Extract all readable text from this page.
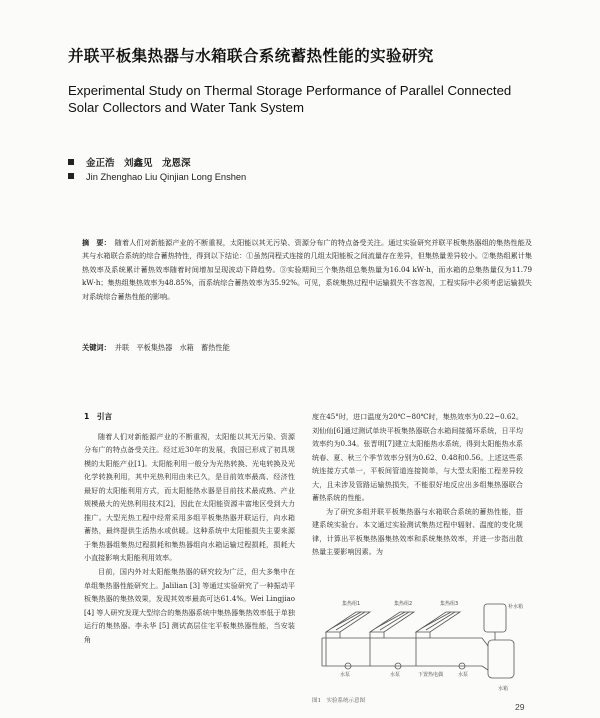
并联平板集热器与水箱联合系统蓄热性能的实验研究
Experimental Study on Thermal Storage Performance of Parallel Connected Solar Collectors and Water Tank System
金正浩　刘鑫见　龙恩深
Jin Zhenghao Liu Qinjian Long Enshen
摘　要： 随着人们对新能源产业的不断重视，太阳能以其无污染、资源分布广的特点备受关注。通过实验研究并联平板集热器组的集热性能及其与水箱联合系统的综合蓄热特性，得到以下结论：①虽然同程式连接的几组太阳能板之间流量存在差异，但集热量差异较小。②集热组累计集热效率及系统累计蓄热效率随着时间增加呈现波动下降趋势。③实验期间三个集热组总集热量为16.04 kW·h，而水箱的总集热量仅为11.79 kW·h；集热组集热效率为48.85%，而系统综合蓄热效率为35.92%。可见，系统集热过程中运输损失不容忽视，工程实际中必须考虑运输损失对系统综合蓄热性能的影响。
关键词： 并联　平板集热器　水箱　蓄热性能

1　引言

随着人们对新能源产业的不断重视，太阳能以其无污染、资源分布广的特点备受关注。经过近30年的发展，我国已形成了初具规模的太阳能产业[1]。太阳能利用一般分为光热转换、光电转换及光化学转换利用，其中光热利用由来已久，是目前效率最高、经济性最好的太阳能利用方式，而太阳能热水器是目前技术最成熟、产业规模最大的光热利用技术[2]，因此在太阳能资源丰富地区受到大力推广。大型光热工程中经常采用多组平板集热器并联运行，向水箱蓄热，最终提供生活热水或供暖。这种系统中太阳能损失主要来源于集热器组集热过程损耗和集热器组向水箱运输过程损耗，损耗大小直接影响太阳能利用效率。

目前，国内外对太阳能集热器的研究较为广泛，但大多集中在单组集热器性能研究上。Jalilian [3] 等通过实验研究了一种振动平板集热器的集热效果，发现其效率最高可达61.4%。Wei Lingjiao [4] 等人研究发现大型综合的集热器系统中集热器集热效率低于单独运行的集热器。李永华 [5] 测试高层住宅平板集热器性能，当安装角

度在45°时，进口温度为20℃~80℃时，集热效率为0.22~0.62。刘仙仙[6]通过测试单块平板集热器联合水箱间接循环系统，日平均效率约为0.34。张晋明[7]建立太阳能热水系统，得到太阳能热水系统春、夏、秋三个季节效率分别为0.62、0.48和0.56。上述这些系统连接方式单一，平板间管道连接简单，与大型太阳能工程差异较大，且未涉及管路运输热损失，不能很好地反应出多组集热器联合蓄热系统的性能。

为了研究多组并联平板集热器与水箱联合系统的蓄热性能，搭建系统实验台。本文通过实验测试集热过程中辐射、温度的变化规律，计算出平板集热器集热效率和系统集热效率，并进一步指出散热量主要影响因素。为

集热组1	集热组2	集热组3	补水箱
水箱
水泵	水泵	下置热电偶	水泵
图1　实验系统示意图
29
